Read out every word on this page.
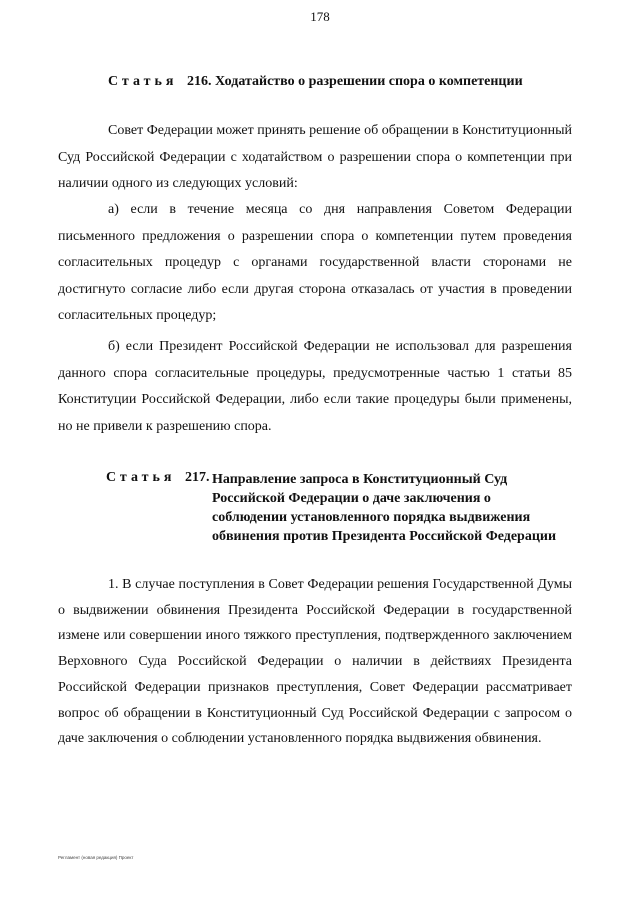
178
Статья 216. Ходатайство о разрешении спора о компетенции

Совет Федерации может принять решение об обращении в Конституционный Суд Российской Федерации с ходатайством о разрешении спора о компетенции при наличии одного из следующих условий:

а) если в течение месяца со дня направления Советом Федерации письменного предложения о разрешении спора о компетенции путем проведения согласительных процедур с органами государственной власти сторонами не достигнуто согласие либо если другая сторона отказалась от участия в проведении согласительных процедур;

б) если Президент Российской Федерации не использовал для разрешения данного спора согласительные процедуры, предусмотренные частью 1 статьи 85 Конституции Российской Федерации, либо если такие процедуры были применены, но не привели к разрешению спора.

Статья 217. Направление запроса в Конституционный Суд Российской Федерации о даче заключения о соблюдении установленного порядка выдвижения обвинения против Президента Российской Федерации

1. В случае поступления в Совет Федерации решения Государственной Думы о выдвижении обвинения Президента Российской Федерации в государственной измене или совершении иного тяжкого преступления, подтвержденного заключением Верховного Суда Российской Федерации о наличии в действиях Президента Российской Федерации признаков преступления, Совет Федерации рассматривает вопрос об обращении в Конституционный Суд Российской Федерации с запросом о даче заключения о соблюдении установленного порядка выдвижения обвинения.

Регламент (новая редакция) Проект
